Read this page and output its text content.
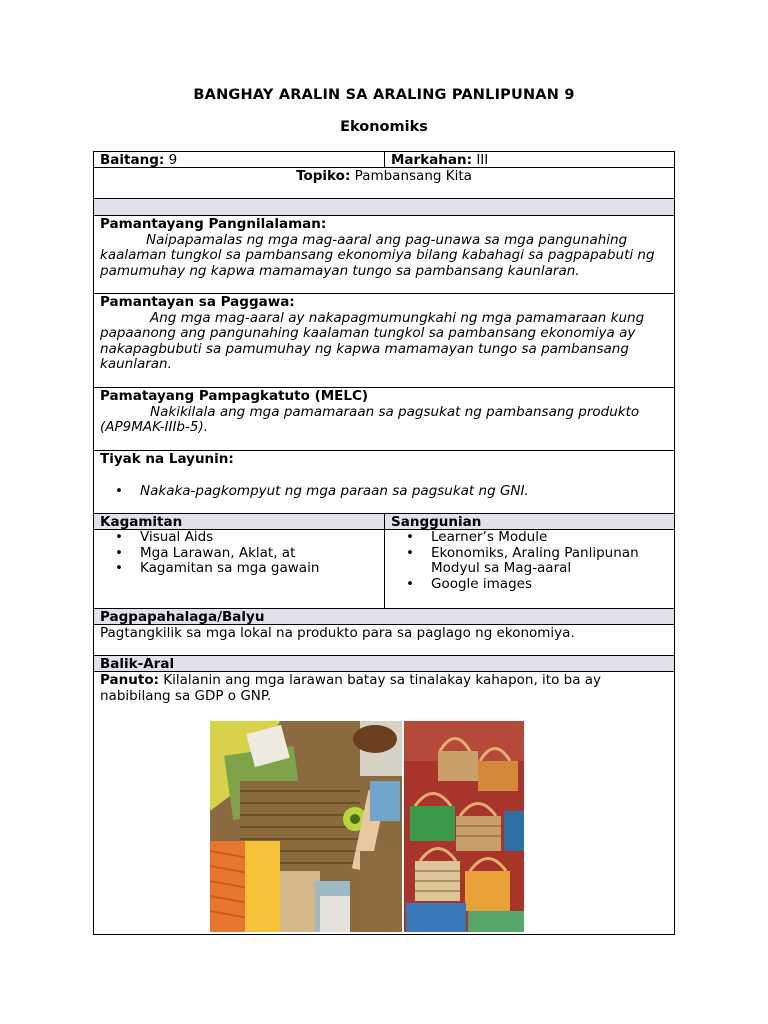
BANGHAY ARALIN SA ARALING PANLIPUNAN 9
Ekonomiks
Baitang: 9	Markahan: III
Topiko: Pambansang Kita
Pamantayang Pangnilalaman:
Naipapamalas ng mga mag-aaral ang pag-unawa sa mga pangunahing kaalaman tungkol sa pambansang ekonomiya bilang kabahagi sa pagpapabuti ng pamumuhay ng kapwa mamamayan tungo sa pambansang kaunlaran.
Pamantayan sa Paggawa:
Ang mga mag-aaral ay nakapagmumungkahi ng mga pamamaraan kung papaanong ang pangunahing kaalaman tungkol sa pambansang ekonomiya ay nakapagbubuti sa pamumuhay ng kapwa mamamayan tungo sa pambansang kaunlaran.
Pamatayang Pampagkatuto (MELC)
Nakikilala ang mga pamamaraan sa pagsukat ng pambansang produkto (AP9MAK-IIIb-5).
Tiyak na Layunin:
• Nakaka-pagkompyut ng mga paraan sa pagsukat ng GNI.
Kagamitan	Sanggunian
• Visual Aids
• Mga Larawan, Aklat, at
• Kagamitan sa mga gawain
• Learner’s Module
• Ekonomiks, Araling Panlipunan Modyul sa Mag-aaral
• Google images
Pagpapahalaga/Balyu
Pagtangkilik sa mga lokal na produkto para sa paglago ng ekonomiya.
Balik-Aral
Panuto: Kilalanin ang mga larawan batay sa tinalakay kahapon, ito ba ay nabibilang sa GDP o GNP.
